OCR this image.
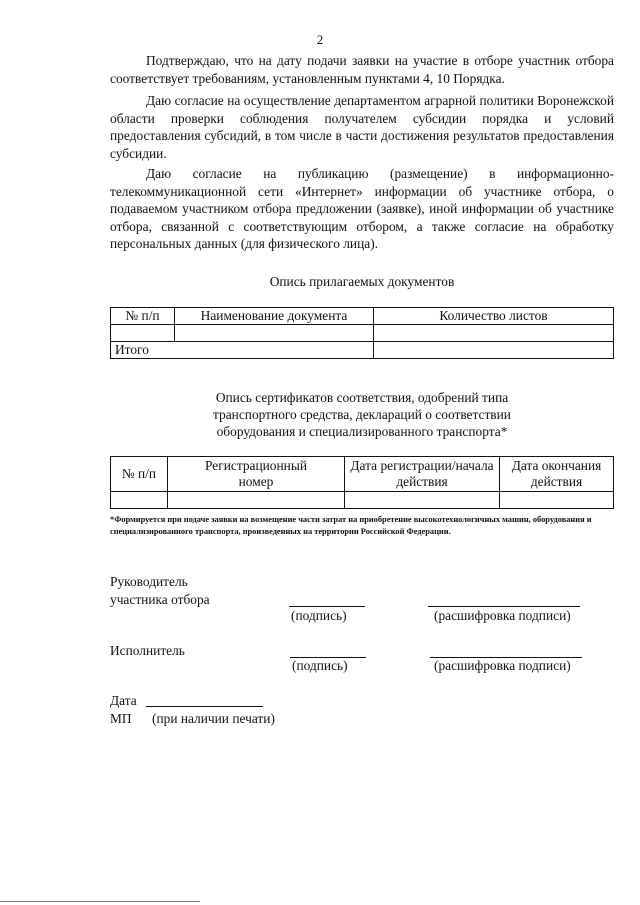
2
Подтверждаю, что на дату подачи заявки на участие в отборе участник отбора соответствует требованиям, установленным пунктами 4, 10 Порядка.
Даю согласие на осуществление департаментом аграрной политики Воронежской области проверки соблюдения получателем субсидии порядка и условий предоставления субсидий, в том числе в части достижения результатов предоставления субсидии.
Даю согласие на публикацию (размещение) в информационно-телекоммуникационной сети «Интернет» информации об участнике отбора, о подаваемом участником отбора предложении (заявке), иной информации об участнике отбора, связанной с соответствующим отбором, а также согласие на обработку персональных данных (для физического лица).
Опись прилагаемых документов
№ п/п	Наименование документа	Количество листов

Итого		
Опись сертификатов соответствия, одобрений типа
транспортного средства, деклараций о соответствии
оборудования и специализированного транспорта*
№ п/п	Регистрационный номер	Дата регистрации/начала действия	Дата окончания действия

*Формируется при подаче заявки на возмещение части затрат на приобретение высокотехнологичных машин, оборудования и специализированного транспорта, произведенных на территории Российской Федерации.
Руководитель
участника отбора
(подпись)	(расшифровка подписи)
Исполнитель
(подпись)	(расшифровка подписи)
Дата
МП (при наличии печати)
